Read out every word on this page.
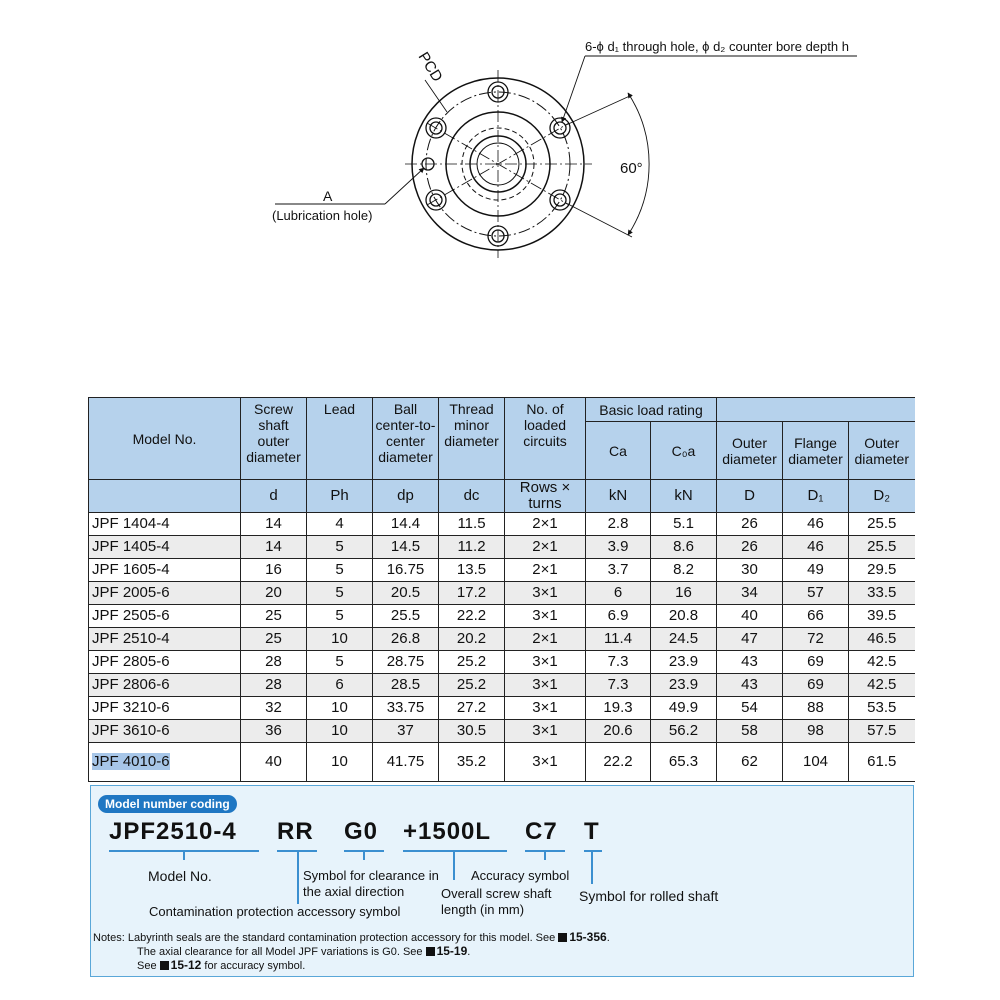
PCD
6-ϕ d₁ through hole, ϕ d₂ counter bore depth h
60°
A
(Lubrication hole)
Model No.	Screw shaft outer diameter	Lead	Ball center-to-center diameter	Thread minor diameter	No. of loaded circuits	Basic load rating				
						Ca	C₀a	Outer diameter	Flange diameter	Outer diameter
	d	Ph	dp	dc	Rows × turns	kN	kN	D	D₁	D₂
JPF 1404-4	14	4	14.4	11.5	2×1	2.8	5.1	26	46	25.5
JPF 1405-4	14	5	14.5	11.2	2×1	3.9	8.6	26	46	25.5
JPF 1605-4	16	5	16.75	13.5	2×1	3.7	8.2	30	49	29.5
JPF 2005-6	20	5	20.5	17.2	3×1	6	16	34	57	33.5
JPF 2505-6	25	5	25.5	22.2	3×1	6.9	20.8	40	66	39.5
JPF 2510-4	25	10	26.8	20.2	2×1	11.4	24.5	47	72	46.5
JPF 2805-6	28	5	28.75	25.2	3×1	7.3	23.9	43	69	42.5
JPF 2806-6	28	6	28.5	25.2	3×1	7.3	23.9	43	69	42.5
JPF 3210-6	32	10	33.75	27.2	3×1	19.3	49.9	54	88	53.5
JPF 3610-6	36	10	37	30.5	3×1	20.6	56.2	58	98	57.5
JPF 4010-6	40	10	41.75	35.2	3×1	22.2	65.3	62	104	61.5
Model number coding
JPF2510-4 RR G0 +1500L C7 T
Model No.
Contamination protection accessory symbol
Symbol for clearance in the axial direction	Overall screw shaft length (in mm)
Accuracy symbol
Symbol for rolled shaft
Notes: Labyrinth seals are the standard contamination protection accessory for this model. See 15-356.
The axial clearance for all Model JPF variations is G0. See 15-19.
See 15-12 for accuracy symbol.
